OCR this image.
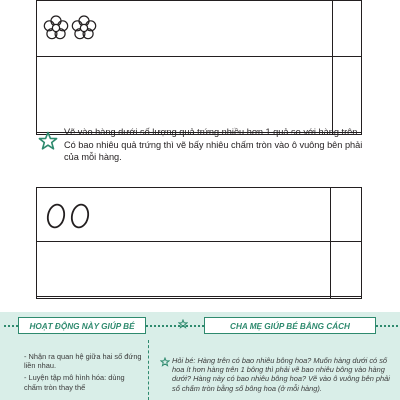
Vẽ vào hàng dưới số lượng quả trứng nhiều hơn 1 quả so với hàng trên.

Có bao nhiêu quả trứng thì vẽ bấy nhiêu chấm tròn vào ô vuông bên phải

của mỗi hàng.

HOẠT ĐỘNG NÀY GIÚP BÉ	CHA MẸ GIÚP BÉ BẰNG CÁCH

- Nhận ra quan hệ giữa hai số đứng liền nhau.

- Luyện tập mô hình hóa: dùng chấm tròn thay thế

Hỏi bé: Hàng trên có bao nhiêu bông hoa? Muốn hàng dưới có số hoa ít hơn hàng trên 1 bông thì phải vẽ bao nhiêu bông vào hàng dưới? Hàng này có bao nhiêu bông hoa? Vẽ vào ô vuông bên phải số chấm tròn bằng số bông hoa (ở mỗi hàng).
